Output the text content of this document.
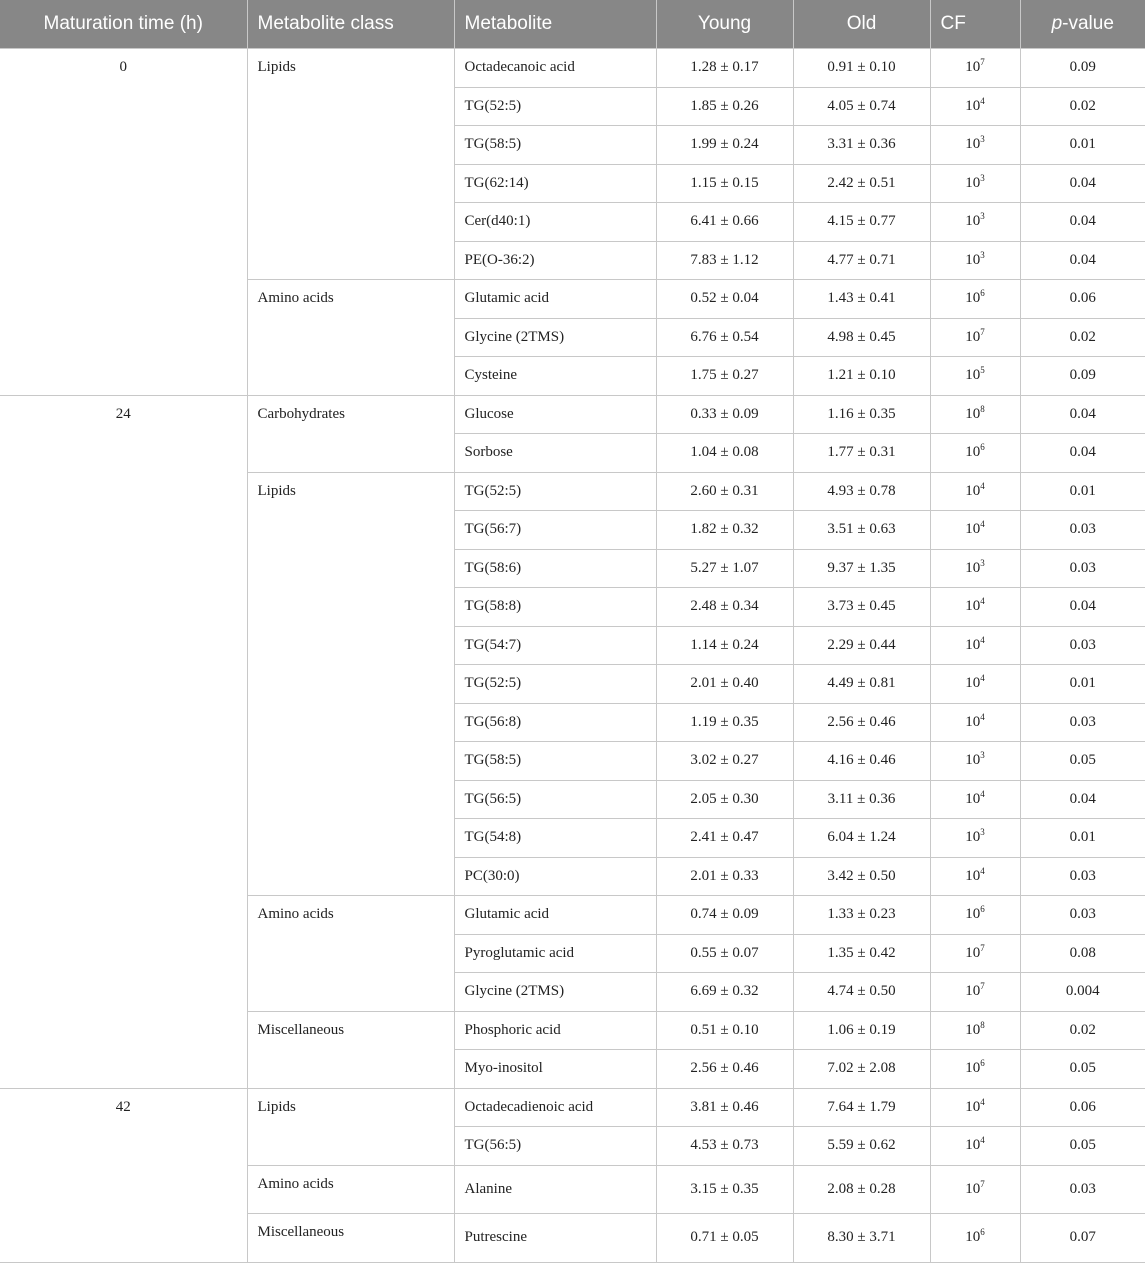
Maturation time (h)	Metabolite class	Metabolite	Young	Old	CF	p-value
0	Lipids	Octadecanoic acid	1.28 ± 0.17	0.91 ± 0.10	$10^7$	0.09
		TG(52:5)	1.85 ± 0.26	4.05 ± 0.74	$10^4$	0.02
		TG(58:5)	1.99 ± 0.24	3.31 ± 0.36	$10^3$	0.01
		TG(62:14)	1.15 ± 0.15	2.42 ± 0.51	$10^3$	0.04
		Cer(d40:1)	6.41 ± 0.66	4.15 ± 0.77	$10^3$	0.04
		PE(O-36:2)	7.83 ± 1.12	4.77 ± 0.71	$10^3$	0.04
	Amino acids	Glutamic acid	0.52 ± 0.04	1.43 ± 0.41	$10^6$	0.06
		Glycine (2TMS)	6.76 ± 0.54	4.98 ± 0.45	$10^7$	0.02
		Cysteine	1.75 ± 0.27	1.21 ± 0.10	$10^5$	0.09
24	Carbohydrates	Glucose	0.33 ± 0.09	1.16 ± 0.35	$10^8$	0.04
		Sorbose	1.04 ± 0.08	1.77 ± 0.31	$10^6$	0.04
	Lipids	TG(52:5)	2.60 ± 0.31	4.93 ± 0.78	$10^4$	0.01
		TG(56:7)	1.82 ± 0.32	3.51 ± 0.63	$10^4$	0.03
		TG(58:6)	5.27 ± 1.07	9.37 ± 1.35	$10^3$	0.03
		TG(58:8)	2.48 ± 0.34	3.73 ± 0.45	$10^4$	0.04
		TG(54:7)	1.14 ± 0.24	2.29 ± 0.44	$10^4$	0.03
		TG(52:5)	2.01 ± 0.40	4.49 ± 0.81	$10^4$	0.01
		TG(56:8)	1.19 ± 0.35	2.56 ± 0.46	$10^4$	0.03
		TG(58:5)	3.02 ± 0.27	4.16 ± 0.46	$10^3$	0.05
		TG(56:5)	2.05 ± 0.30	3.11 ± 0.36	$10^4$	0.04
		TG(54:8)	2.41 ± 0.47	6.04 ± 1.24	$10^3$	0.01
		PC(30:0)	2.01 ± 0.33	3.42 ± 0.50	$10^4$	0.03
	Amino acids	Glutamic acid	0.74 ± 0.09	1.33 ± 0.23	$10^6$	0.03
		Pyroglutamic acid	0.55 ± 0.07	1.35 ± 0.42	$10^7$	0.08
		Glycine (2TMS)	6.69 ± 0.32	4.74 ± 0.50	$10^7$	0.004
	Miscellaneous	Phosphoric acid	0.51 ± 0.10	1.06 ± 0.19	$10^8$	0.02
		Myo-inositol	2.56 ± 0.46	7.02 ± 2.08	$10^6$	0.05
42	Lipids	Octadecadienoic acid	3.81 ± 0.46	7.64 ± 1.79	$10^4$	0.06
		TG(56:5)	4.53 ± 0.73	5.59 ± 0.62	$10^4$	0.05
	Amino acids	Alanine	3.15 ± 0.35	2.08 ± 0.28	$10^7$	0.03
	Miscellaneous	Putrescine	0.71 ± 0.05	8.30 ± 3.71	$10^6$	0.07
